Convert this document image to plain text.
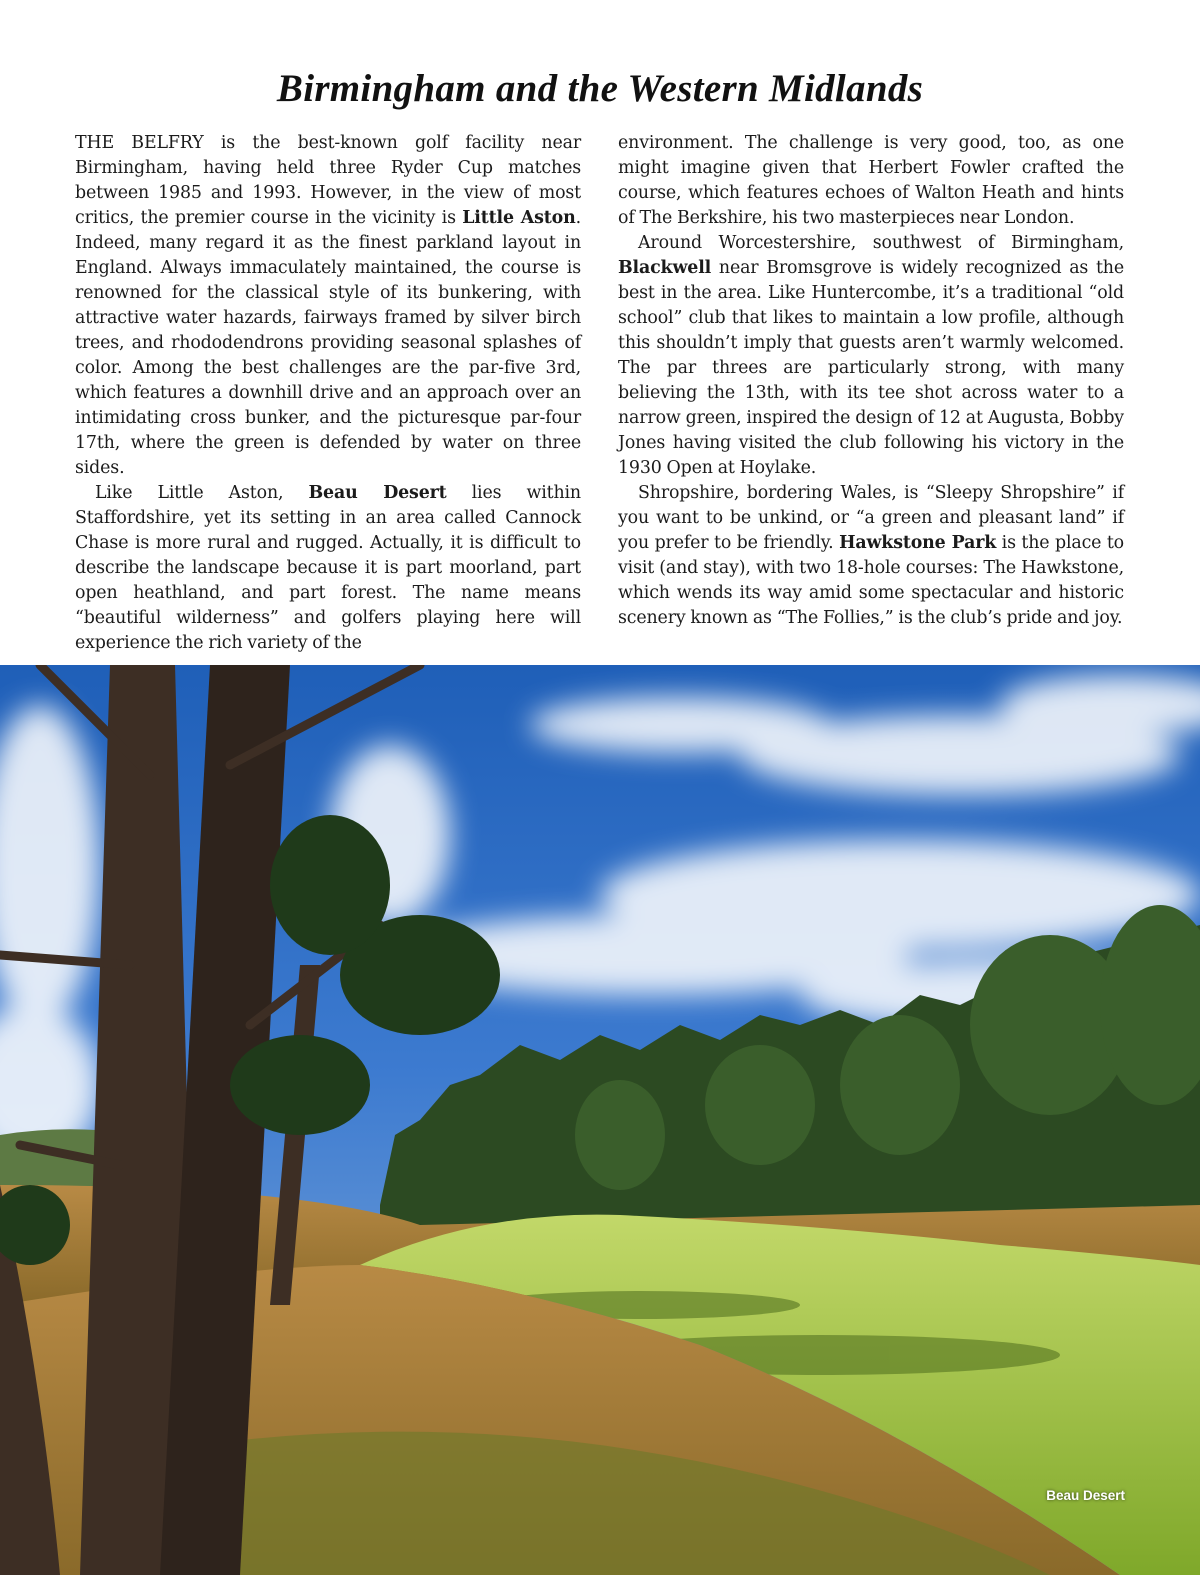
Birmingham and the Western Midlands

THE BELFRY is the best-known golf facility near Birmingham, having held three Ryder Cup matches between 1985 and 1993. However, in the view of most critics, the premier course in the vicinity is Little Aston. Indeed, many regard it as the finest parkland layout in England. Always immaculately maintained, the course is renowned for the classical style of its bunkering, with attractive water hazards, fairways framed by silver birch trees, and rhododendrons providing seasonal splashes of color. Among the best challenges are the par-five 3rd, which features a downhill drive and an approach over an intimidating cross bunker, and the picturesque par-four 17th, where the green is defended by water on three sides.

Like Little Aston, Beau Desert lies within Staffordshire, yet its setting in an area called Cannock Chase is more rural and rugged. Actually, it is difficult to describe the landscape because it is part moorland, part open heathland, and part forest. The name means “beautiful wilderness” and golfers playing here will experience the rich variety of the

environment. The challenge is very good, too, as one might imagine given that Herbert Fowler crafted the course, which features echoes of Walton Heath and hints of The Berkshire, his two masterpieces near London.

Around Worcestershire, southwest of Birmingham, Blackwell near Bromsgrove is widely recognized as the best in the area. Like Huntercombe, it’s a traditional “old school” club that likes to maintain a low profile, although this shouldn’t imply that guests aren’t warmly welcomed. The par threes are particularly strong, with many believing the 13th, with its tee shot across water to a narrow green, inspired the design of 12 at Augusta, Bobby Jones having visited the club following his victory in the 1930 Open at Hoylake.

Shropshire, bordering Wales, is “Sleepy Shropshire” if you want to be unkind, or “a green and pleasant land” if you prefer to be friendly. Hawkstone Park is the place to visit (and stay), with two 18-hole courses: The Hawkstone, which wends its way amid some spectacular and historic scenery known as “The Follies,” is the club’s pride and joy.

Beau Desert
